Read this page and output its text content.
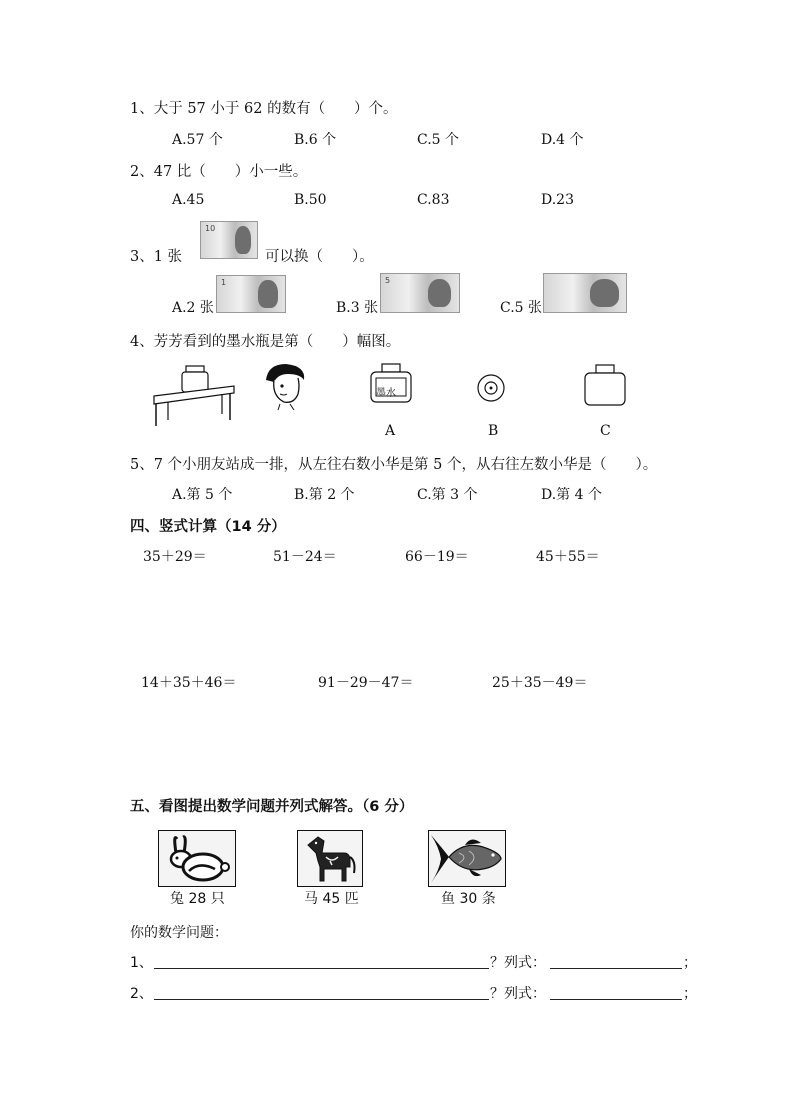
1、大于 57 小于 62 的数有（　　）个。
A.57 个	B.6 个	C.5 个	D.4 个
2、47 比（　　）小一些。
A.45	B.50	C.83	D.23
3、1 张
10
可以换（　　）。
A.2 张
1
B.3 张
5
C.5 张
4、芳芳看到的墨水瓶是第（　　）幅图。
墨水
A	B	C
5、7 个小朋友站成一排，从左往右数小华是第 5 个，从右往左数小华是（　　）。
A.第 5 个	B.第 2 个	C.第 3 个	D.第 4 个
四、竖式计算（14 分）
35＋29＝	51－24＝	66－19＝	45＋55＝
14＋35＋46＝	91－29－47＝	25＋35－49＝
五、看图提出数学问题并列式解答。（6 分）
兔 28 只	马 45 匹	鱼 30 条
你的数学问题：
1、	？列式：	；
2、	？列式：	；
